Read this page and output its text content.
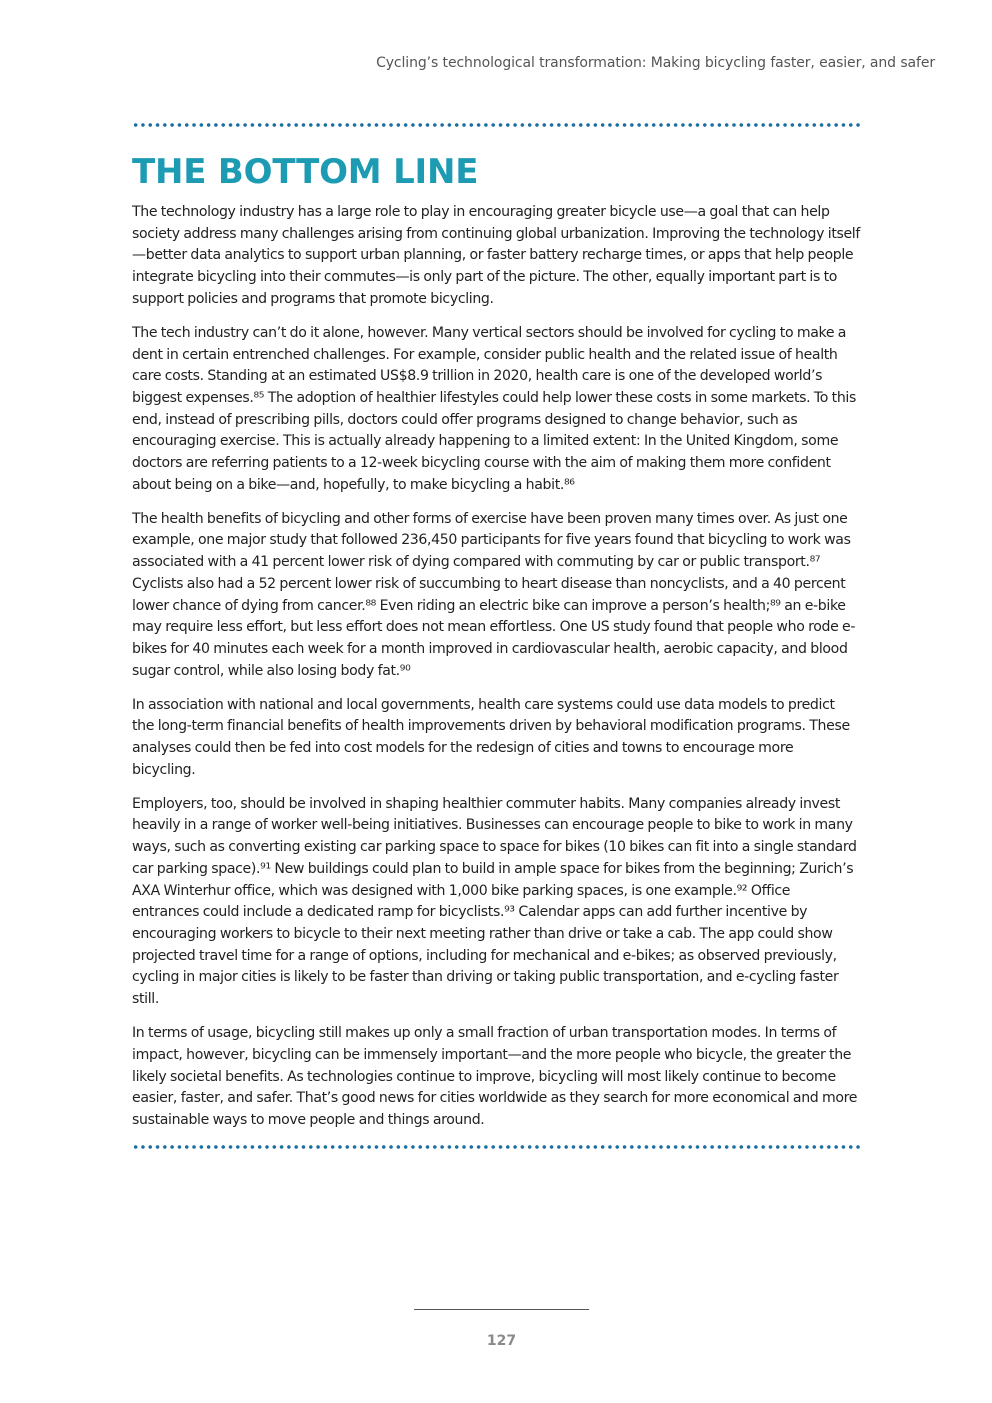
Cycling’s technological transformation: Making bicycling faster, easier, and safer
THE BOTTOM LINE

The technology industry has a large role to play in encouraging greater bicycle use—a goal that can help society address many challenges arising from continuing global urbanization. Improving the technology itself—better data analytics to support urban planning, or faster battery recharge times, or apps that help people integrate bicycling into their commutes—is only part of the picture. The other, equally important part is to support policies and programs that promote bicycling.

The tech industry can’t do it alone, however. Many vertical sectors should be involved for cycling to make a dent in certain entrenched challenges. For example, consider public health and the related issue of health care costs. Standing at an estimated US$8.9 trillion in 2020, health care is one of the developed world’s biggest expenses.⁸⁵ The adoption of healthier lifestyles could help lower these costs in some markets. To this end, instead of prescribing pills, doctors could offer programs designed to change behavior, such as encouraging exercise. This is actually already happening to a limited extent: In the United Kingdom, some doctors are referring patients to a 12-week bicycling course with the aim of making them more confident about being on a bike—and, hopefully, to make bicycling a habit.⁸⁶

The health benefits of bicycling and other forms of exercise have been proven many times over. As just one example, one major study that followed 236,450 participants for five years found that bicycling to work was associated with a 41 percent lower risk of dying compared with commuting by car or public transport.⁸⁷ Cyclists also had a 52 percent lower risk of succumbing to heart disease than noncyclists, and a 40 percent lower chance of dying from cancer.⁸⁸ Even riding an electric bike can improve a person’s health;⁸⁹ an e-bike may require less effort, but less effort does not mean effortless. One US study found that people who rode e-bikes for 40 minutes each week for a month improved in cardiovascular health, aerobic capacity, and blood sugar control, while also losing body fat.⁹⁰

In association with national and local governments, health care systems could use data models to predict the long-term financial benefits of health improvements driven by behavioral modification programs. These analyses could then be fed into cost models for the redesign of cities and towns to encourage more bicycling.

Employers, too, should be involved in shaping healthier commuter habits. Many companies already invest heavily in a range of worker well-being initiatives. Businesses can encourage people to bike to work in many ways, such as converting existing car parking space to space for bikes (10 bikes can fit into a single standard car parking space).⁹¹ New buildings could plan to build in ample space for bikes from the beginning; Zurich’s AXA Winterhur office, which was designed with 1,000 bike parking spaces, is one example.⁹² Office entrances could include a dedicated ramp for bicyclists.⁹³ Calendar apps can add further incentive by encouraging workers to bicycle to their next meeting rather than drive or take a cab. The app could show projected travel time for a range of options, including for mechanical and e-bikes; as observed previously, cycling in major cities is likely to be faster than driving or taking public transportation, and e-cycling faster still.

In terms of usage, bicycling still makes up only a small fraction of urban transportation modes. In terms of impact, however, bicycling can be immensely important—and the more people who bicycle, the greater the likely societal benefits. As technologies continue to improve, bicycling will most likely continue to become easier, faster, and safer. That’s good news for cities worldwide as they search for more economical and more sustainable ways to move people and things around.

127
